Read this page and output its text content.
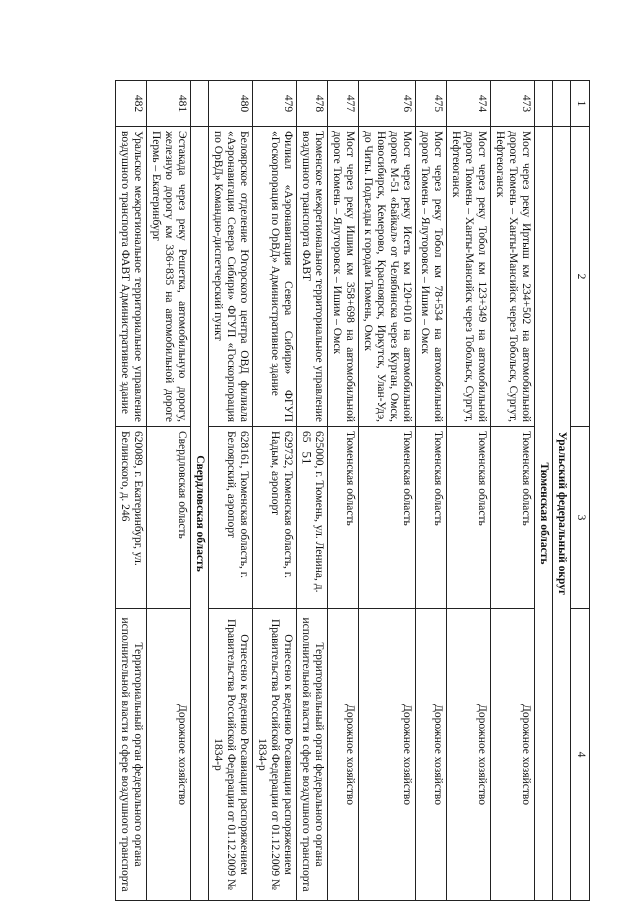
51
1	2	3	4
	Уральский федеральный округ		
	Тюменская область		
473	Мост через реку Иртыш км 234+502 на автомобильной дороге Тюмень – Ханты-Мансийск через Тобольск, Сургут, Нефтеюганск	Тюменская область	Дорожное хозяйство
474	Мост через реку Тобол км 123+349 на автомобильной дороге Тюмень – Ханты-Мансийск через Тобольск, Сургут, Нефтеюганск	Тюменская область	Дорожное хозяйство
475	Мост через реку Тобол км 78+534 на автомобильной дороге Тюмень – Ялуторовск – Ишим – Омск	Тюменская область	Дорожное хозяйство
476	Мост через реку Исеть км 120+010 на автомобильной дороге М-51 «Байкал» от Челябинска через Курган, Омск, Новосибирск, Кемерово, Красноярск, Иркутск, Улан-Удэ, до Читы. Подъезды к городам Тюмень, Омск	Тюменская область	Дорожное хозяйство
477	Мост через реку Ишим км 358+698 на автомобильной дороге Тюмень – Ялуторовск – Ишим – Омск	Тюменская область	Дорожное хозяйство
478	Тюменское межрегиональное территориальное управление воздушного транспорта ФАВТ	625000, г. Тюмень, ул. Ленина, д. 65	Территориальный орган федерального органа исполнительной власти в сфере воздушного транспорта
479	Филиал «Аэронавигация Севера Сибири» ФГУП «Госкорпорация по ОрВД» Административное здание	629732, Тюменская область, г. Надым, аэропорт	Отнесено к ведению Росавиации распоряжением Правительства Российской Федерации от 01.12.2009 № 1834-р
480	Белоярское отделение Югорского центра ОВД филиала «Аэронавигация Севера Сибири» ФГУП «Госкорпорация по ОрВД» Командно-диспетчерский пункт	628161, Тюменская область, г. Белоярский, аэропорт	Отнесено к ведению Росавиации распоряжением Правительства Российской Федерации от 01.12.2009 № 1834-р
	Свердловская область		
481	Эстакада через реку Решетка, автомобильную дорогу, железную дорогу км 336+835 на автомобильной дороге Пермь – Екатеринбург	Свердловская область	Дорожное хозяйство
482	Уральское межрегиональное территориальное управление воздушного транспорта ФАВТ Административное здание	620089, г. Екатеринбург, ул. Белинского, д. 246	Территориальный орган федерального органа исполнительной власти в сфере воздушного транспорта
